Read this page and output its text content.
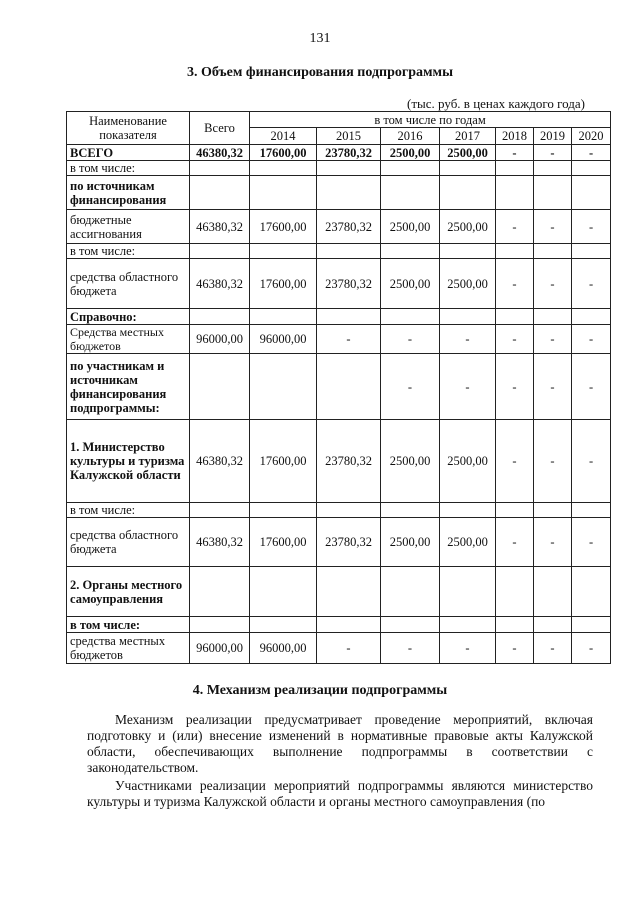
131
3. Объем финансирования подпрограммы
(тыс. руб. в ценах каждого года)
Наименование показателя	Всего	в том числе по годам						
		2014	2015	2016	2017	2018	2019	2020
ВСЕГО	46380,32	17600,00	23780,32	2500,00	2500,00	-	-	-
в том числе:								
по источникам финансирования								
бюджетные ассигнования	46380,32	17600,00	23780,32	2500,00	2500,00	-	-	-
в том числе:								
средства областного бюджета	46380,32	17600,00	23780,32	2500,00	2500,00	-	-	-
Справочно:								
Средства местных бюджетов	96000,00	96000,00	-	-	-	-	-	-
по участникам и источникам финансирования подпрограммы:				-	-	-	-	-
1. Министерство культуры и туризма Калужской области	46380,32	17600,00	23780,32	2500,00	2500,00	-	-	-
в том числе:								
средства областного бюджета	46380,32	17600,00	23780,32	2500,00	2500,00	-	-	-
2. Органы местного самоуправления								
в том числе:								
средства местных бюджетов	96000,00	96000,00	-	-	-	-	-	-
4. Механизм реализации подпрограммы

Механизм реализации предусматривает проведение мероприятий, включая подготовку и (или) внесение изменений в нормативные правовые акты Калужской области, обеспечивающих выполнение подпрограммы в соответствии с законодательством.

Участниками реализации мероприятий подпрограммы являются министерство культуры и туризма Калужской области и органы местного самоуправления (по
